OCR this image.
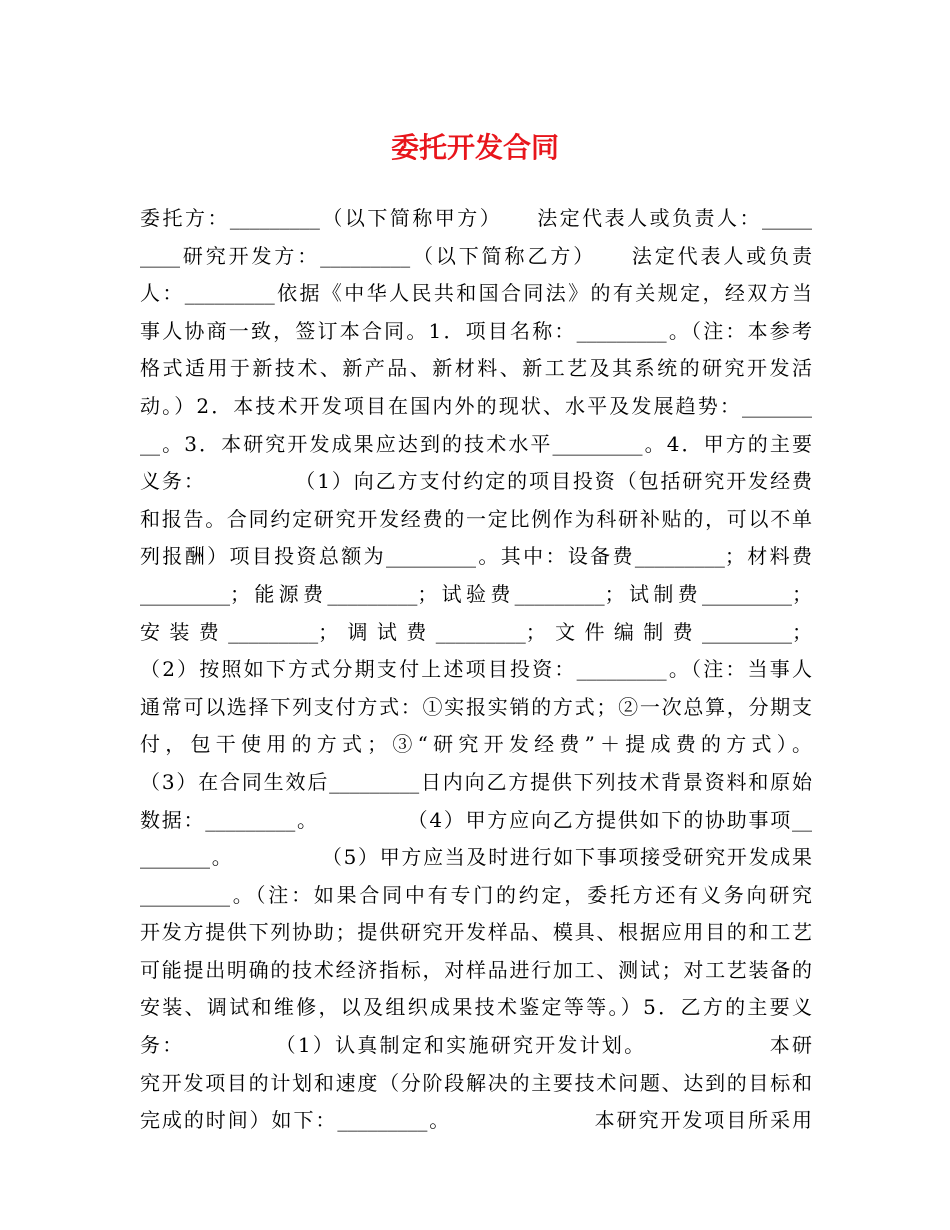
委托开发合同
委托方：_________（以下简称甲方）　　法定代表人或负责人：_____
____研究开发方：_________（以下简称乙方）　　法定代表人或负责
人：_________依据《中华人民共和国合同法》的有关规定，经双方当
事人协商一致，签订本合同。1．项目名称：_________。（注：本参考
格式适用于新技术、新产品、新材料、新工艺及其系统的研究开发活
动。）2．本技术开发项目在国内外的现状、水平及发展趋势：_______
__。3．本研究开发成果应达到的技术水平_________。4．甲方的主要
义务：　　　　　（1）向乙方支付约定的项目投资（包括研究开发经费
和报告。合同约定研究开发经费的一定比例作为科研补贴的，可以不单
列报酬）项目投资总额为_________。其中：设备费_________；材料费
_________；能源费_________；试验费_________；试制费_________；
安装费_________；调试费_________；文件编制费_________；
（2）按照如下方式分期支付上述项目投资：_________。（注：当事人
通常可以选择下列支付方式：①实报实销的方式；②一次总算，分期支
付，包干使用的方式；③“研究开发经费”＋提成费的方式）。
（3）在合同生效后_________日内向乙方提供下列技术背景资料和原始
数据：_________。　　　　　（4）甲方应向乙方提供如下的协助事项__
_______。　　　　　（5）甲方应当及时进行如下事项接受研究开发成果
_________。（注：如果合同中有专门的约定，委托方还有义务向研究
开发方提供下列协助；提供研究开发样品、模具、根据应用目的和工艺
可能提出明确的技术经济指标，对样品进行加工、测试；对工艺装备的
安装、调试和维修，以及组织成果技术鉴定等等。）5．乙方的主要义
务：　　　　　（1）认真制定和实施研究开发计划。　　　　　　本研
究开发项目的计划和速度（分阶段解决的主要技术问题、达到的目标和
完成的时间）如下：_________。　　　　　　　本研究开发项目所采用
